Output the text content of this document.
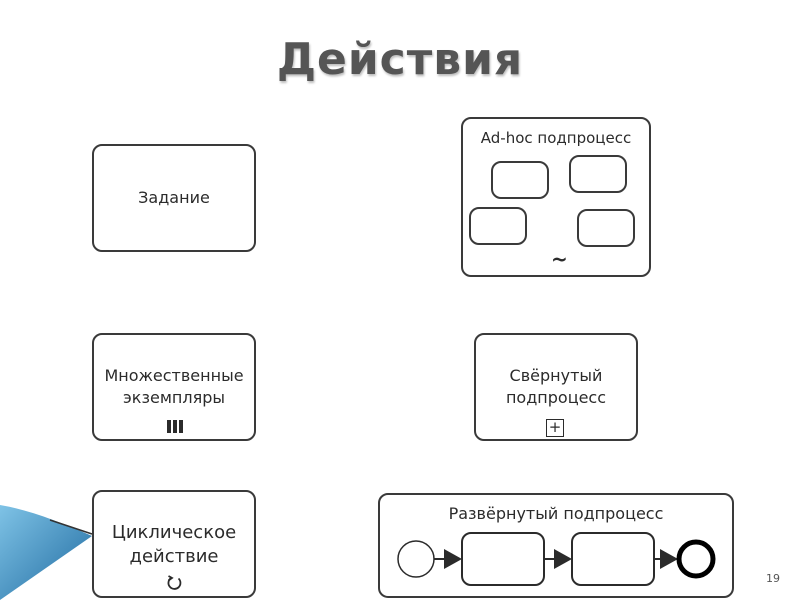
Действия
Задание
Множественные
экземпляры
Циклическое
действие
Ad-hoc подпроцесс
~
Свёрнутый
подпроцесс
+
Развёрнутый подпроцесс
19
